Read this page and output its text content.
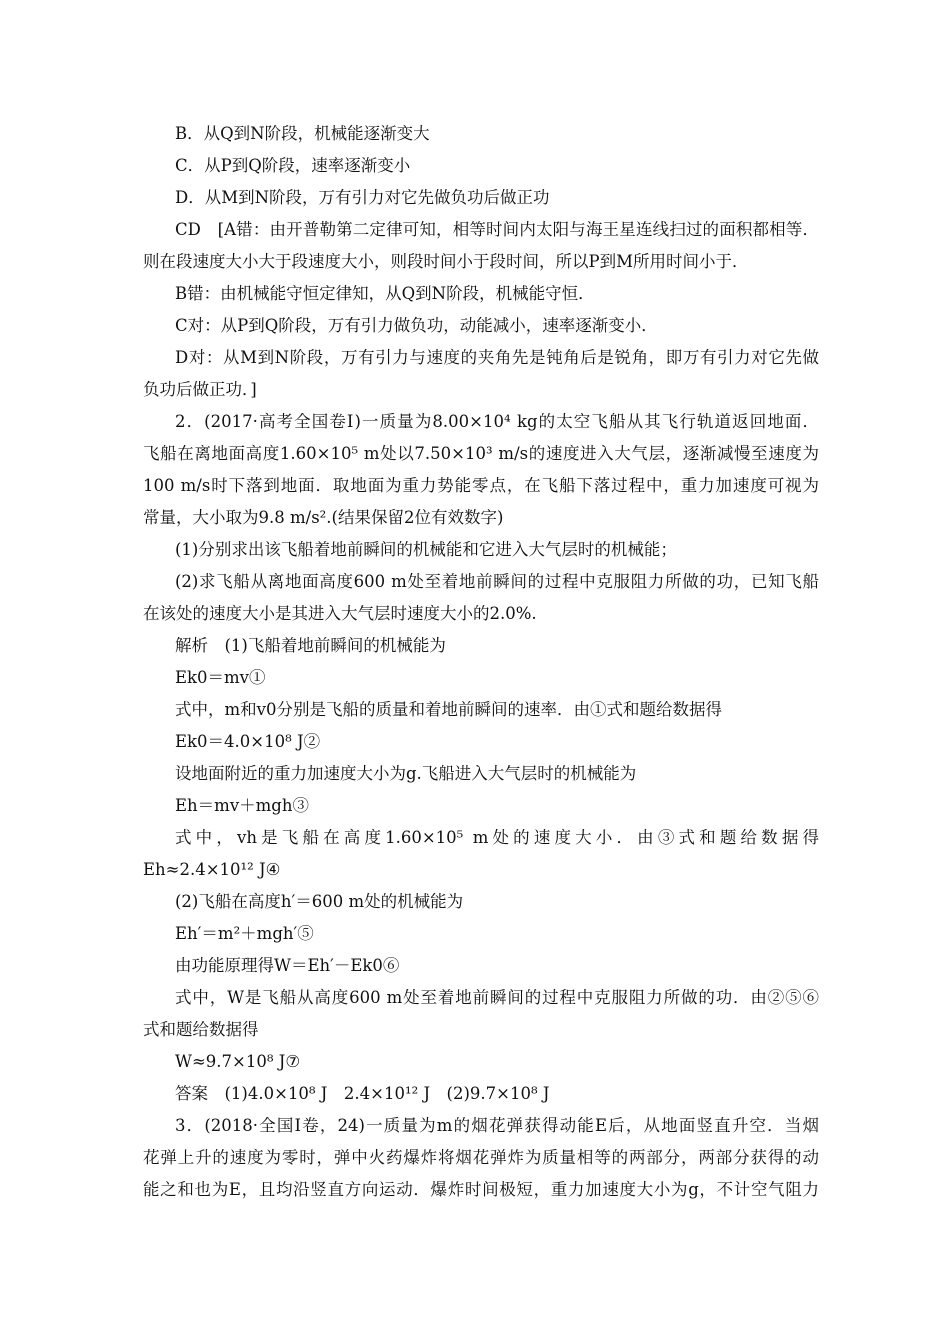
B．从Q到N阶段，机械能逐渐变大
C．从P到Q阶段，速率逐渐变小
D．从M到N阶段，万有引力对它先做负功后做正功
CD　[A错：由开普勒第二定律可知，相等时间内太阳与海王星连线扫过的面积都相等．
则在段速度大小大于段速度大小，则段时间小于段时间，所以P到M所用时间小于．
B错：由机械能守恒定律知，从Q到N阶段，机械能守恒．
C对：从P到Q阶段，万有引力做负功，动能减小，速率逐渐变小．
D对：从M到N阶段，万有引力与速度的夹角先是钝角后是锐角，即万有引力对它先做
负功后做正功．]
2．(2017·高考全国卷Ⅰ)一质量为8.00×10⁴ kg的太空飞船从其飞行轨道返回地面．
飞船在离地面高度1.60×10⁵ m处以7.50×10³ m/s的速度进入大气层，逐渐减慢至速度为
100 m/s时下落到地面．取地面为重力势能零点，在飞船下落过程中，重力加速度可视为
常量，大小取为9.8 m/s².(结果保留2位有效数字)
(1)分别求出该飞船着地前瞬间的机械能和它进入大气层时的机械能；
(2)求飞船从离地面高度600 m处至着地前瞬间的过程中克服阻力所做的功，已知飞船
在该处的速度大小是其进入大气层时速度大小的2.0%.
解析　(1)飞船着地前瞬间的机械能为
Ek0＝mv①
式中，m和v0分别是飞船的质量和着地前瞬间的速率．由①式和题给数据得
Ek0＝4.0×10⁸ J②
设地面附近的重力加速度大小为g.飞船进入大气层时的机械能为
Eh＝mv＋mgh③
式中，vh是飞船在高度1.60×10⁵ m处的速度大小．由③式和题给数据得
Eh≈2.4×10¹² J④
(2)飞船在高度h′＝600 m处的机械能为
Eh′＝m²＋mgh′⑤
由功能原理得W＝Eh′－Ek0⑥
式中，W是飞船从高度600 m处至着地前瞬间的过程中克服阻力所做的功．由②⑤⑥
式和题给数据得
W≈9.7×10⁸ J⑦
答案　(1)4.0×10⁸ J　2.4×10¹² J　(2)9.7×10⁸ J
3．(2018·全国Ⅰ卷，24)一质量为m的烟花弹获得动能E后，从地面竖直升空．当烟
花弹上升的速度为零时，弹中火药爆炸将烟花弹炸为质量相等的两部分，两部分获得的动
能之和也为E，且均沿竖直方向运动．爆炸时间极短，重力加速度大小为g，不计空气阻力
